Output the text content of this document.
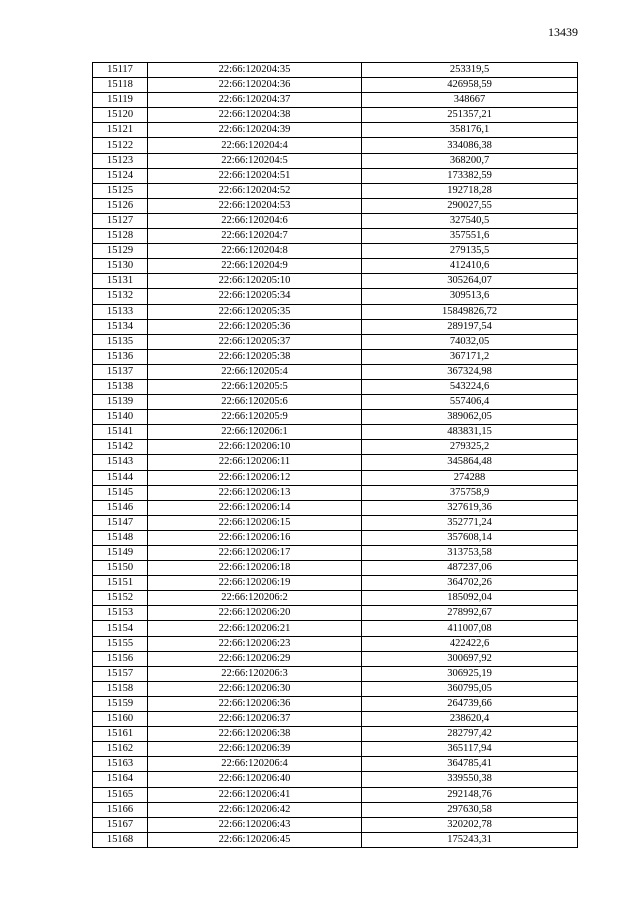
13439
15117	22:66:120204:35	253319,5
15118	22:66:120204:36	426958,59
15119	22:66:120204:37	348667
15120	22:66:120204:38	251357,21
15121	22:66:120204:39	358176,1
15122	22:66:120204:4	334086,38
15123	22:66:120204:5	368200,7
15124	22:66:120204:51	173382,59
15125	22:66:120204:52	192718,28
15126	22:66:120204:53	290027,55
15127	22:66:120204:6	327540,5
15128	22:66:120204:7	357551,6
15129	22:66:120204:8	279135,5
15130	22:66:120204:9	412410,6
15131	22:66:120205:10	305264,07
15132	22:66:120205:34	309513,6
15133	22:66:120205:35	15849826,72
15134	22:66:120205:36	289197,54
15135	22:66:120205:37	74032,05
15136	22:66:120205:38	367171,2
15137	22:66:120205:4	367324,98
15138	22:66:120205:5	543224,6
15139	22:66:120205:6	557406,4
15140	22:66:120205:9	389062,05
15141	22:66:120206:1	483831,15
15142	22:66:120206:10	279325,2
15143	22:66:120206:11	345864,48
15144	22:66:120206:12	274288
15145	22:66:120206:13	375758,9
15146	22:66:120206:14	327619,36
15147	22:66:120206:15	352771,24
15148	22:66:120206:16	357608,14
15149	22:66:120206:17	313753,58
15150	22:66:120206:18	487237,06
15151	22:66:120206:19	364702,26
15152	22:66:120206:2	185092,04
15153	22:66:120206:20	278992,67
15154	22:66:120206:21	411007,08
15155	22:66:120206:23	422422,6
15156	22:66:120206:29	300697,92
15157	22:66:120206:3	306925,19
15158	22:66:120206:30	360795,05
15159	22:66:120206:36	264739,66
15160	22:66:120206:37	238620,4
15161	22:66:120206:38	282797,42
15162	22:66:120206:39	365117,94
15163	22:66:120206:4	364785,41
15164	22:66:120206:40	339550,38
15165	22:66:120206:41	292148,76
15166	22:66:120206:42	297630,58
15167	22:66:120206:43	320202,78
15168	22:66:120206:45	175243,31
